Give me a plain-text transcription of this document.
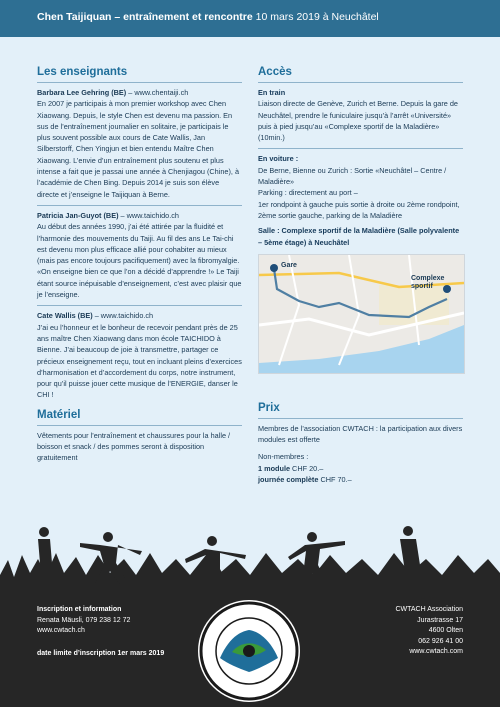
Chen Taijiquan – entraînement et rencontre 10 mars 2019 à Neuchâtel
Les enseignants
Barbara Lee Gehring (BE) – www.chentaiji.ch
En 2007 je participais à mon premier workshop avec Chen Xiaowang. Depuis, le style Chen est devenu ma passion. En sus de l’entraînement journalier en solitaire, je participais le plus souvent possible aux cours de Cate Wallis, Jan Silberstorff, Chen Yingjun et bien entendu Maître Chen Xiaowang. L’envie d’un entraînement plus soutenu et plus intense a fait que je passai une année à Chenjiagou (Chine), à l’académie de Chen Bing. Depuis 2014 je suis son élève directe et j’enseigne le Taijiquan à Berne.
Patricia Jan-Guyot (BE) – www.taichido.ch
Au début des années 1990, j’ai été attirée par la fluidité et l’harmonie des mouvements du Taiji. Au fil des ans Le Tai-chi est devenu mon plus efficace allié pour cohabiter au mieux (mais pas encore toujours pacifiquement) avec la fibromyalgie. «On enseigne bien ce que l’on a décidé d’apprendre !» Le Taiji étant source inépuisable d’enseignement, c’est avec plaisir que je l’enseigne.
Cate Wallis (BE) – www.taichido.ch
J’ai eu l’honneur et le bonheur de recevoir pendant près de 25 ans maître Chen Xiaowang dans mon école TAICHIDO à Bienne. J’ai beaucoup de joie à transmettre, partager ce précieux enseignement reçu, tout en incluant pleins d’exercices d’harmonisation et d’accordement du corps, notre instrument, pour qu’il puisse jouer cette musique de l’ENERGIE, danser le CHI !
Matériel
Vêtements pour l’entraînement et chaussures pour la halle / boisson et snack / des pommes seront à disposition gratuitement
Accès
En train
Liaison directe de Genève, Zurich et Berne. Depuis la gare de Neuchâtel, prendre le funiculaire jusqu’à l’arrêt «Université» puis à pied jusqu’au «Complexe sportif de la Maladière» (10min.)
En voiture :
De Berne, Bienne ou Zurich : Sortie «Neuchâtel – Centre / Maladière»
Parking : directement au port –
1er rondpoint à gauche puis sortie à droite ou 2ème rondpoint, 2ème sortie gauche, parking de la Maladière
Salle : Complexe sportif de la Maladière (Salle polyvalente – 5ème étage) à Neuchâtel
Gare
Complexe sportif
Prix
Membres de l’association CWTACH : la participation aux divers modules est offerte
Non-membres :
1 module CHF 20.–
journée complète CHF 70.–
Inscription et information
Renata Mäusli, 079 238 12 72
www.cwtach.ch
date limite d’inscription 1er mars 2019
CWTACH Association
Jurastrasse 17
4600 Olten
062 926 41 00
www.cwtach.com
